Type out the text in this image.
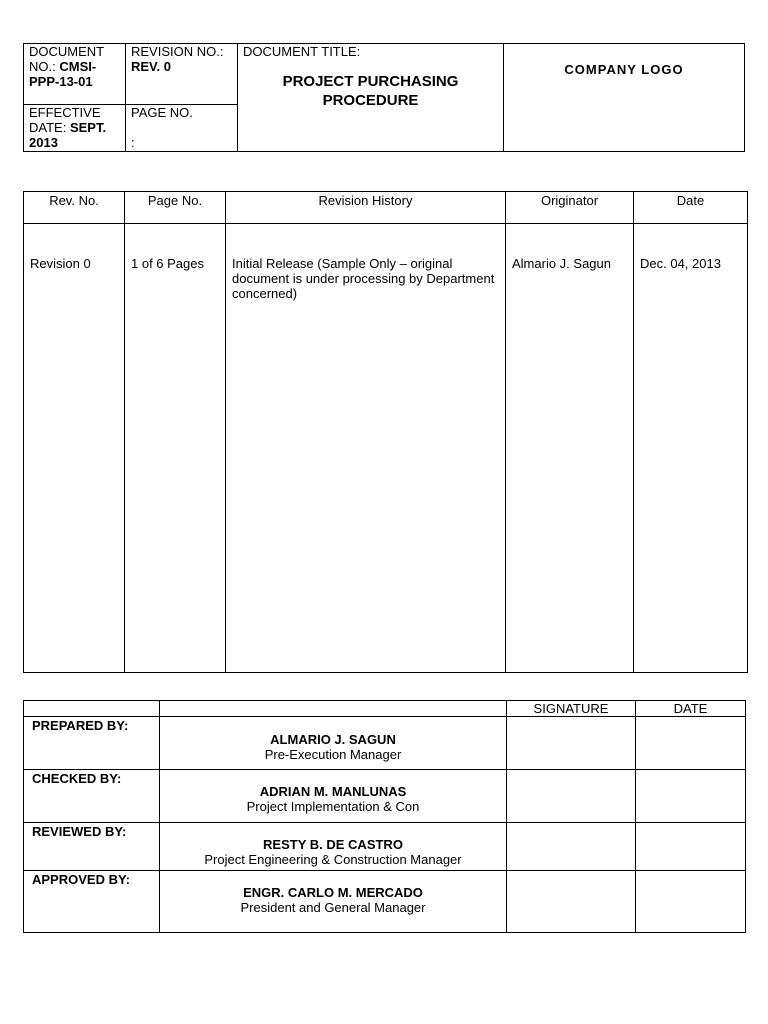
DOCUMENT NO.: CMSI-PPP-13-01	REVISION NO.: REV. 0	DOCUMENT TITLE:
PROJECT PURCHASING
PROCEDURE	COMPANY LOGO

EFFECTIVE DATE: SEPT. 2013	PAGE NO.

:		
Rev. No.	Page No.	Revision History	Originator	Date
Revision 0	1 of 6 Pages	Initial Release (Sample Only – original document is under processing by Department concerned)	Almario J. Sagun	Dec. 04, 2013
		SIGNATURE	DATE

PREPARED BY:	ALMARIO J. SAGUN
Pre-Execution Manager		

CHECKED BY:	ADRIAN M. MANLUNAS
Project Implementation & Con		

REVIEWED BY:	RESTY B. DE CASTRO
Project Engineering & Construction Manager		

APPROVED BY:	ENGR. CARLO M. MERCADO
President and General Manager		
